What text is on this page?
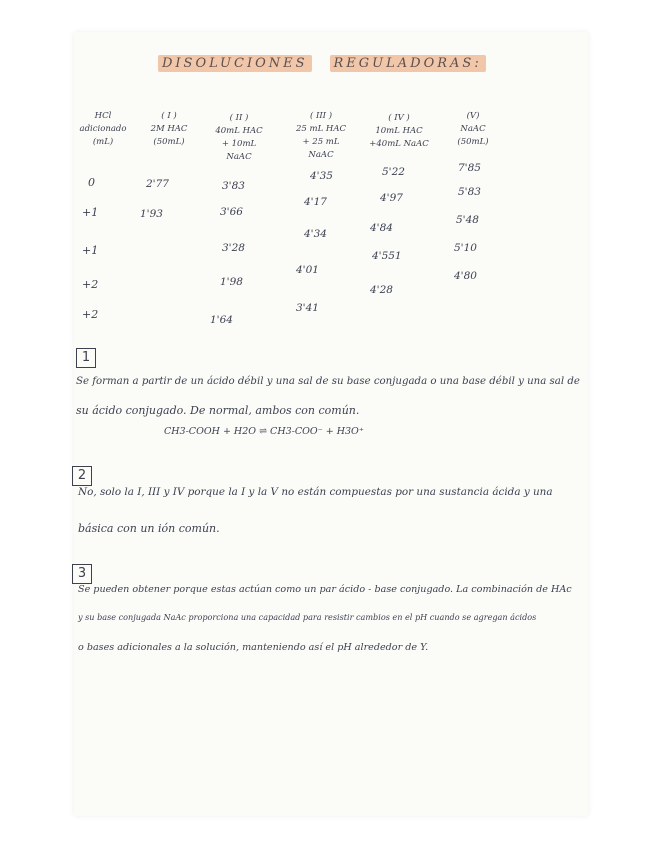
DISOLUCIONES REGULADORAS:
HCl
adicionado
(mL)
( I )
2M HAC
(50mL)
( II )
40mL HAC
+ 10mL NaAC
( III )
25 mL HAC
+ 25 mL NaAC
( IV )
10mL HAC
+40mL NaAC
(V)
NaAC
(50mL)
0
+1
+1
+2
+2
2'77
1'93
3'83
3'66
3'28
1'98
1'64
4'35
4'17
4'34
4'01
3'41
5'22
4'97
4'84
4'551
4'28
7'85
5'83
5'48
5'10
4'80
1
Se forman a partir de un ácido débil y una sal de su base conjugada o una base débil y una sal de
su ácido conjugado. De normal, ambos con común.
CH3-COOH + H2O ⇌ CH3-COO⁻ + H3O⁺
2
No, solo la I, III y IV porque la I y la V no están compuestas por una sustancia ácida y una
básica con un ión común.
3
Se pueden obtener porque estas actúan como un par ácido - base conjugado. La combinación de HAc
y su base conjugada NaAc proporciona una capacidad para resistir cambios en el pH cuando se agregan ácidos
o bases adicionales a la solución, manteniendo así el pH alrededor de Y.
